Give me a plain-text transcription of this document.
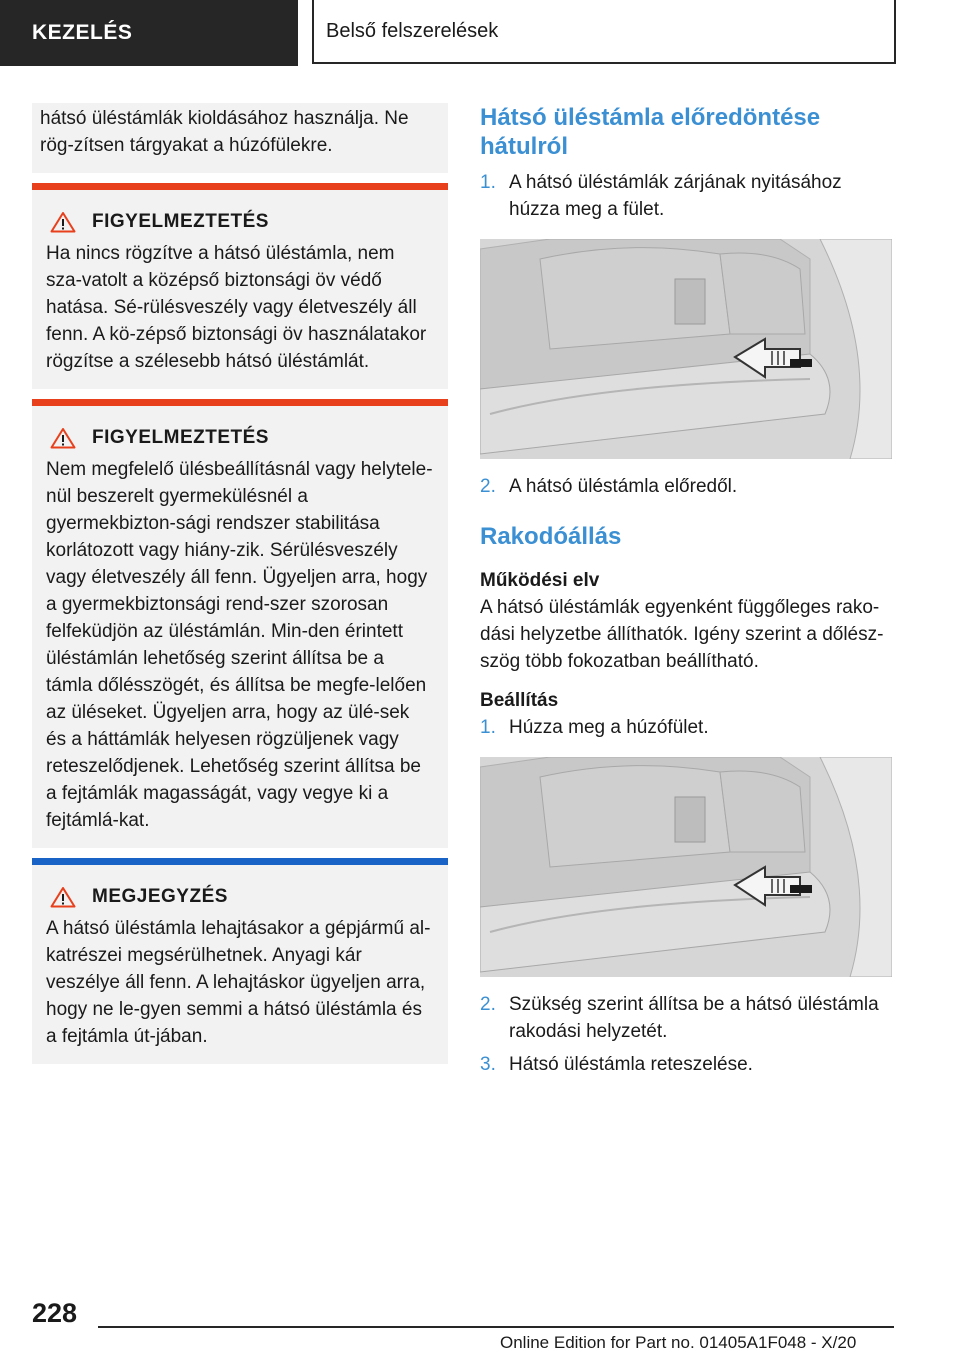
KEZELÉS	Belső felszerelések

hátsó üléstámlák kioldásához használja. Ne rög-zítsen tárgyakat a húzófülekre.

FIGYELMEZTETÉS

Ha nincs rögzítve a hátsó üléstámla, nem sza-vatolt a középső biztonsági öv védő hatása. Sé-rülésveszély vagy életveszély áll fenn. A kö-zépső biztonsági öv használatakor rögzítse a szélesebb hátsó üléstámlát.

FIGYELMEZTETÉS

Nem megfelelő ülésbeállításnál vagy helytele-nül beszerelt gyermekülésnél a gyermekbizton-sági rendszer stabilitása korlátozott vagy hiány-zik. Sérülésveszély vagy életveszély áll fenn. Ügyeljen arra, hogy a gyermekbiztonsági rend-szer szorosan felfeküdjön az üléstámlán. Min-den érintett üléstámlán lehetőség szerint állítsa be a támla dőlésszögét, és állítsa be megfe-lelően az üléseket. Ügyeljen arra, hogy az ülé-sek és a háttámlák helyesen rögzüljenek vagy reteszelődjenek. Lehetőség szerint állítsa be a fejtámlák magasságát, vagy vegye ki a fejtámlá-kat.

MEGJEGYZÉS

A hátsó üléstámla lehajtásakor a gépjármű al-katrészei megsérülhetnek. Anyagi kár veszélye áll fenn. A lehajtáskor ügyeljen arra, hogy ne le-gyen semmi a hátsó üléstámla és a fejtámla út-jában.

Hátsó üléstámla előredöntése hátulról
1. A hátsó üléstámlák zárjának nyitásához húzza meg a fület.
2. A hátsó üléstámla előredől.
Rakodóállás
Működési elv

A hátsó üléstámlák egyenként függőleges rako-dási helyzetbe állíthatók. Igény szerint a dőlész-szög több fokozatban beállítható.

Beállítás
1. Húzza meg a húzófület.
2. Szükség szerint állítsa be a hátsó üléstámla rakodási helyzetét.
3. Hátsó üléstámla reteszelése.
228
Online Edition for Part no. 01405A1F048 - X/20
